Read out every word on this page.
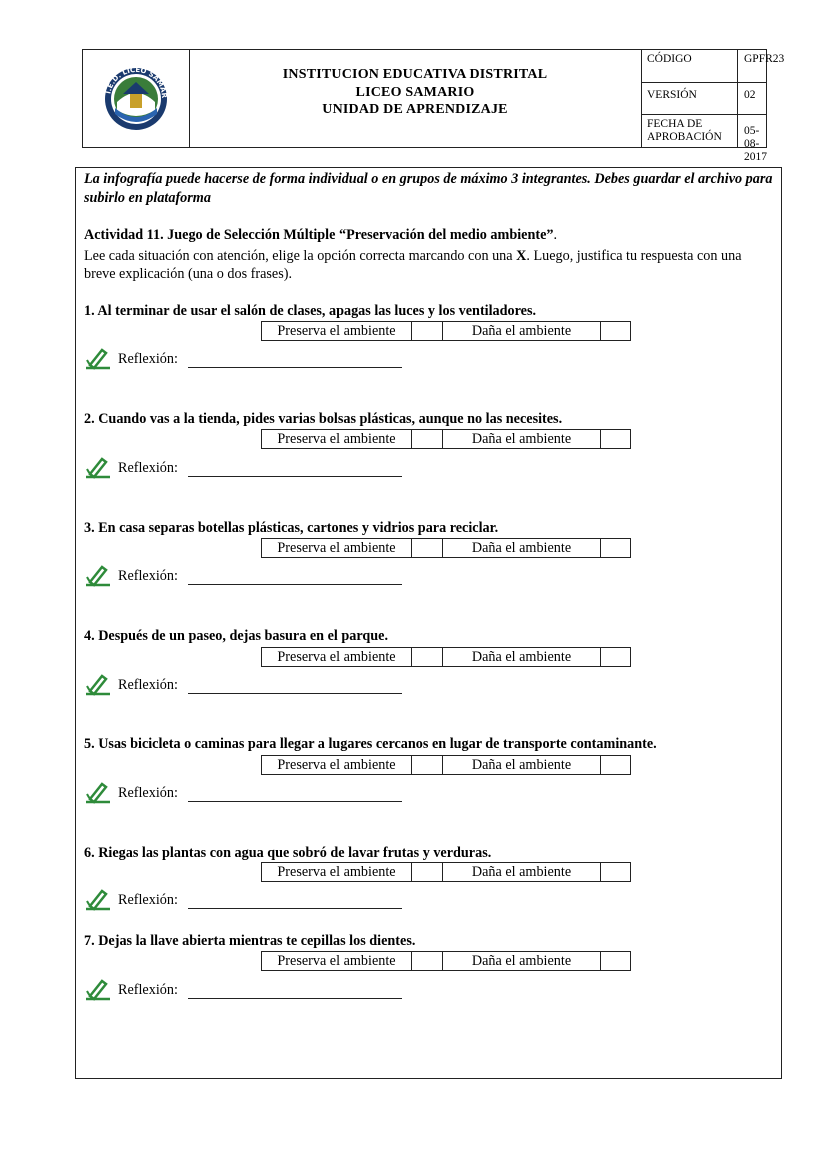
I.E.D. LICEO SAMAR
INSTITUCION EDUCATIVA DISTRITAL
LICEO SAMARIO
UNIDAD DE APRENDIZAJE
CÓDIGO	GPFR23
VERSIÓN	02
FECHA DE APROBACIÓN	05-08-2017
La infografía puede hacerse de forma individual o en grupos de máximo 3 integrantes. Debes guardar el archivo para subirlo en plataforma
Actividad 11. Juego de Selección Múltiple “Preservación del medio ambiente”.
Lee cada situación con atención, elige la opción correcta marcando con una X. Luego, justifica tu respuesta con una breve explicación (una o dos frases).
1. Al terminar de usar el salón de clases, apagas las luces y los ventiladores.
Preserva el ambiente	Daña el ambiente
Reflexión:
2. Cuando vas a la tienda, pides varias bolsas plásticas, aunque no las necesites.
Preserva el ambiente	Daña el ambiente
Reflexión:
3. En casa separas botellas plásticas, cartones y vidrios para reciclar.
Preserva el ambiente	Daña el ambiente
Reflexión:
4. Después de un paseo, dejas basura en el parque.
Preserva el ambiente	Daña el ambiente
Reflexión:
5. Usas bicicleta o caminas para llegar a lugares cercanos en lugar de transporte contaminante.
Preserva el ambiente	Daña el ambiente
Reflexión:
6. Riegas las plantas con agua que sobró de lavar frutas y verduras.
Preserva el ambiente	Daña el ambiente
Reflexión:
7. Dejas la llave abierta mientras te cepillas los dientes.
Preserva el ambiente	Daña el ambiente
Reflexión:
